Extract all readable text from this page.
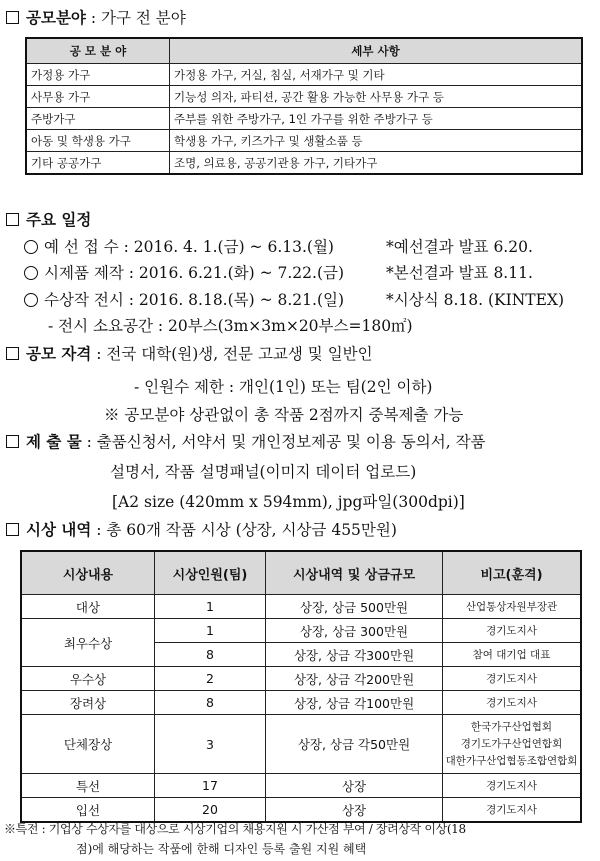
공모분야 : 가구 전 분야
공 모 분 야	세부 사항
가정용 가구	가정용 가구, 거실, 침실, 서재가구 및 기타
사무용 가구	기능성 의자, 파티션, 공간 활용 가능한 사무용 가구 등
주방가구	주부를 위한 주방가구, 1인 가구를 위한 주방가구 등
아동 및 학생용 가구	학생용 가구, 키즈가구 및 생활소품 등
기타 공공가구	조명, 의료용, 공공기관용 가구, 기타가구
주요 일정
예 선 접 수 : 2016. 4. 1.(금) ~ 6.13.(월)	*예선결과 발표 6.20.
시제품 제작 : 2016. 6.21.(화) ~ 7.22.(금)	*본선결과 발표 8.11.
수상작 전시 : 2016. 8.18.(목) ~ 8.21.(일)	*시상식 8.18. (KINTEX)
- 전시 소요공간 : 20부스(3m×3m×20부스=180㎡)
공모 자격 : 전국 대학(원)생, 전문 고교생 및 일반인
- 인원수 제한 : 개인(1인) 또는 팀(2인 이하)
※ 공모분야 상관없이 총 작품 2점까지 중복제출 가능
제 출 물 : 출품신청서, 서약서 및 개인정보제공 및 이용 동의서, 작품
설명서, 작품 설명패널(이미지 데이터 업로드)
[A2 size (420mm x 594mm), jpg파일(300dpi)]
시상 내역 : 총 60개 작품 시상 (상장, 시상금 455만원)
시상내용	시상인원(팀)	시상내역 및 상금규모	비고(훈격)
대상	1	상장, 상금 500만원	산업통상자원부장관
최우수상	1	상장, 상금 300만원	경기도지사
	8	상장, 상금 각300만원	참여 대기업 대표
우수상	2	상장, 상금 각200만원	경기도지사
장려상	8	상장, 상금 각100만원	경기도지사
단체장상	3	상장, 상금 각50만원	한국가구산업협회
경기도가구산업연합회
대한가구산업협동조합연합회

특선	17	상장	경기도지사
입선	20	상장	경기도지사
※특전 : 기업상 수상자를 대상으로 시상기업의 채용지원 시 가산점 부여 / 장려상작 이상(18
점)에 해당하는 작품에 한해 디자인 등록 출원 지원 혜택
